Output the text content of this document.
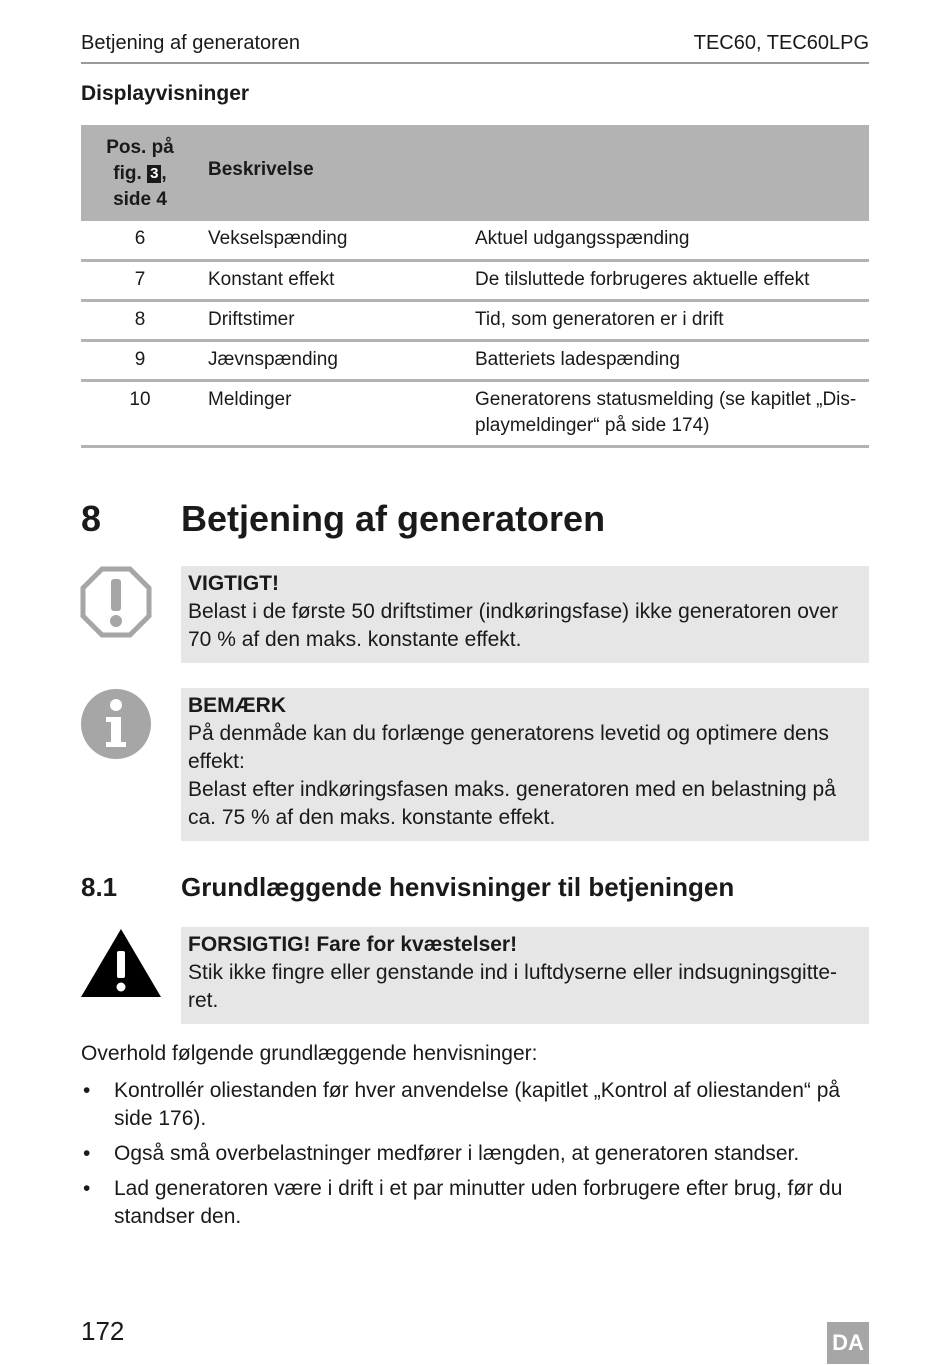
Betjening af generatoren	TEC60, TEC60LPG
Displayvisninger
Pos. på
fig. 3 ,
side 4
Beskrivelse
6	Vekselspænding	Aktuel udgangsspænding
7	Konstant effekt	De tilsluttede forbrugeres aktuelle effekt
8	Driftstimer	Tid, som generatoren er i drift
9	Jævnspænding	Batteriets ladespænding
10	Meldinger	Generatorens statusmelding (se kapitlet „Dis-
playmeldinger“ på side 174)
8 Betjening af generatoren
VIGTIGT!
Belast i de første 50 driftstimer (indkøringsfase) ikke generatoren over
70 % af den maks. konstante effekt.
BEMÆRK
På denmåde kan du forlænge generatorens levetid og optimere dens
effekt:
Belast efter indkøringsfasen maks. generatoren med en belastning på
ca. 75 % af den maks. konstante effekt.
8.1 Grundlæggende henvisninger til betjeningen
FORSIGTIG! Fare for kvæstelser!
Stik ikke fingre eller genstande ind i luftdyserne eller indsugningsgitte-
ret.
Overhold følgende grundlæggende henvisninger:
• Kontrollér oliestanden før hver anvendelse (kapitlet „Kontrol af oliestanden“ på
side 176).
• Også små overbelastninger medfører i længden, at generatoren standser.
• Lad generatoren være i drift i et par minutter uden forbrugere efter brug, før du
standser den.
172	DA
